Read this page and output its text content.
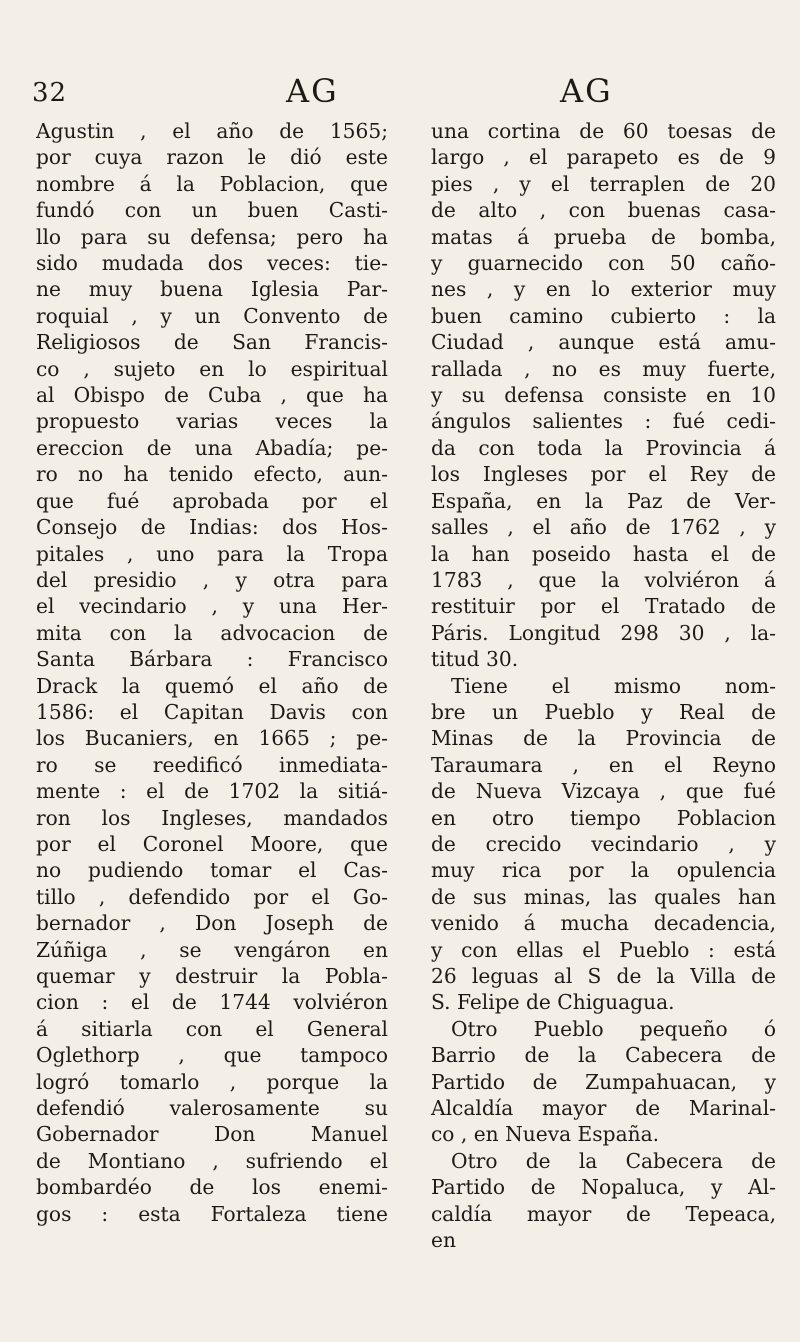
32	AG	AG
Agustin , el año de 1565;
por cuya razon le dió este
nombre á la Poblacion, que
fundó con un buen Casti-
llo para su defensa; pero ha
sido mudada dos veces: tie-
ne muy buena Iglesia Par-
roquial , y un Convento de
Religiosos de San Francis-
co , sujeto en lo espiritual
al Obispo de Cuba , que ha
propuesto varias veces la
ereccion de una Abadía; pe-
ro no ha tenido efecto, aun-
que fué aprobada por el
Consejo de Indias: dos Hos-
pitales , uno para la Tropa
del presidio , y otra para
el vecindario , y una Her-
mita con la advocacion de
Santa Bárbara : Francisco
Drack la quemó el año de
1586: el Capitan Davis con
los Bucaniers, en 1665 ; pe-
ro se reedificó inmediata-
mente : el de 1702 la sitiá-
ron los Ingleses, mandados
por el Coronel Moore, que
no pudiendo tomar el Cas-
tillo , defendido por el Go-
bernador , Don Joseph de
Zúñiga , se vengáron en
quemar y destruir la Pobla-
cion : el de 1744 volviéron
á sitiarla con el General
Oglethorp , que tampoco
logró tomarlo , porque la
defendió valerosamente su
Gobernador Don Manuel
de Montiano , sufriendo el
bombardéo de los enemi-
gos : esta Fortaleza tiene
una cortina de 60 toesas de
largo , el parapeto es de 9
pies , y el terraplen de 20
de alto , con buenas casa-
matas á prueba de bomba,
y guarnecido con 50 caño-
nes , y en lo exterior muy
buen camino cubierto : la
Ciudad , aunque está amu-
rallada , no es muy fuerte,
y su defensa consiste en 10
ángulos salientes : fué cedi-
da con toda la Provincia á
los Ingleses por el Rey de
España, en la Paz de Ver-
salles , el año de 1762 , y
la han poseido hasta el de
1783 , que la volviéron á
restituir por el Tratado de
Páris. Longitud 298 30 , la-
titud 30.
Tiene el mismo nom-
bre un Pueblo y Real de
Minas de la Provincia de
Taraumara , en el Reyno
de Nueva Vizcaya , que fué
en otro tiempo Poblacion
de crecido vecindario , y
muy rica por la opulencia
de sus minas, las quales han
venido á mucha decadencia,
y con ellas el Pueblo : está
26 leguas al S de la Villa de
S. Felipe de Chiguagua.
Otro Pueblo pequeño ó
Barrio de la Cabecera de
Partido de Zumpahuacan, y
Alcaldía mayor de Marinal-
co , en Nueva España.
Otro de la Cabecera de
Partido de Nopaluca, y Al-
caldía mayor de Tepeaca,
en
